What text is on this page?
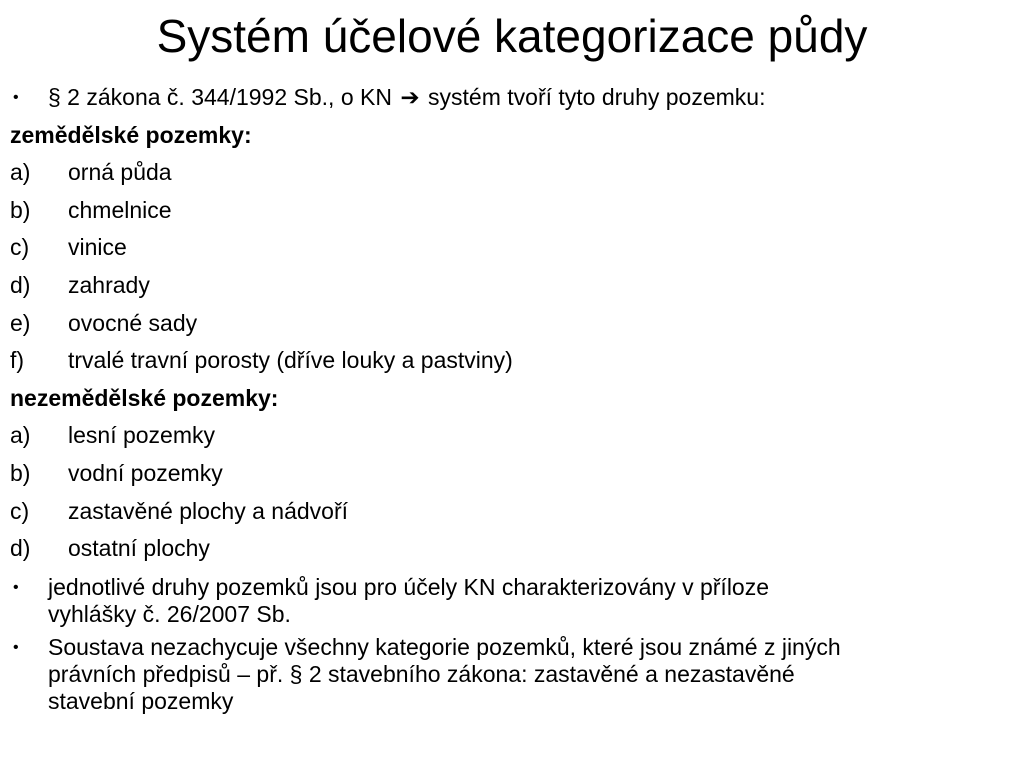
Systém účelové kategorizace půdy
•	§ 2 zákona č. 344/1992 Sb., o KN ➔ systém tvoří tyto druhy pozemku:
zemědělské pozemky:
a) orná půda
b) chmelnice
c) vinice
d) zahrady
e) ovocné sady
f) trvalé travní porosty (dříve louky a pastviny)
nezemědělské pozemky:
a) lesní pozemky
b) vodní pozemky
c) zastavěné plochy a nádvoří
d) ostatní plochy
•	jednotlivé druhy pozemků jsou pro účely KN charakterizovány v příloze
vyhlášky č. 26/2007 Sb.
•	Soustava nezachycuje všechny kategorie pozemků, které jsou známé z jiných
právních předpisů – př. § 2 stavebního zákona: zastavěné a nezastavěné
stavební pozemky
